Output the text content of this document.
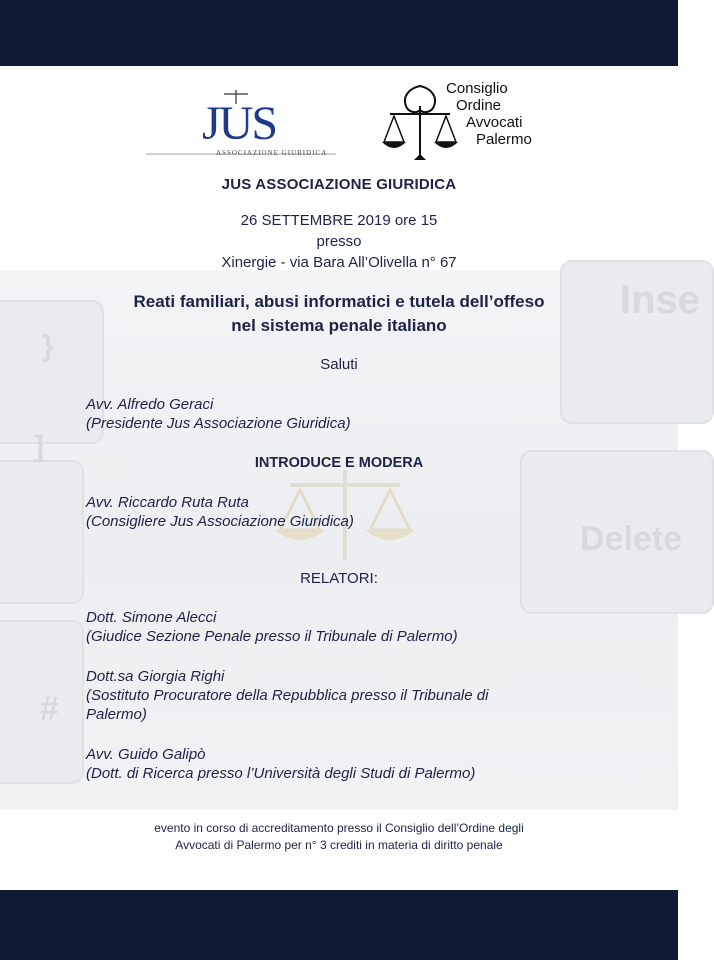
Inse
Delete
}
]
#
JUS
ASSOCIAZIONE GIURIDICA
Consiglio
Ordine
Avvocati
Palermo
JUS ASSOCIAZIONE GIURIDICA
26 SETTEMBRE 2019 ore 15
presso
Xinergie - via Bara All’Olivella n° 67
Reati familiari, abusi informatici e tutela dell’offeso
nel sistema penale italiano
Saluti
Avv. Alfredo Geraci
(Presidente Jus Associazione Giuridica)
INTRODUCE E MODERA
Avv. Riccardo Ruta Ruta
(Consigliere Jus Associazione Giuridica)
RELATORI:
Dott. Simone Alecci
(Giudice Sezione Penale presso il Tribunale di Palermo)
Dott.sa Giorgia Righi
(Sostituto Procuratore della Repubblica presso il Tribunale di
Palermo)
Avv. Guido Galipò
(Dott. di Ricerca presso l’Università degli Studi di Palermo)
evento in corso di accreditamento presso il Consiglio dell’Ordine degli
Avvocati di Palermo per n° 3 crediti in materia di diritto penale
